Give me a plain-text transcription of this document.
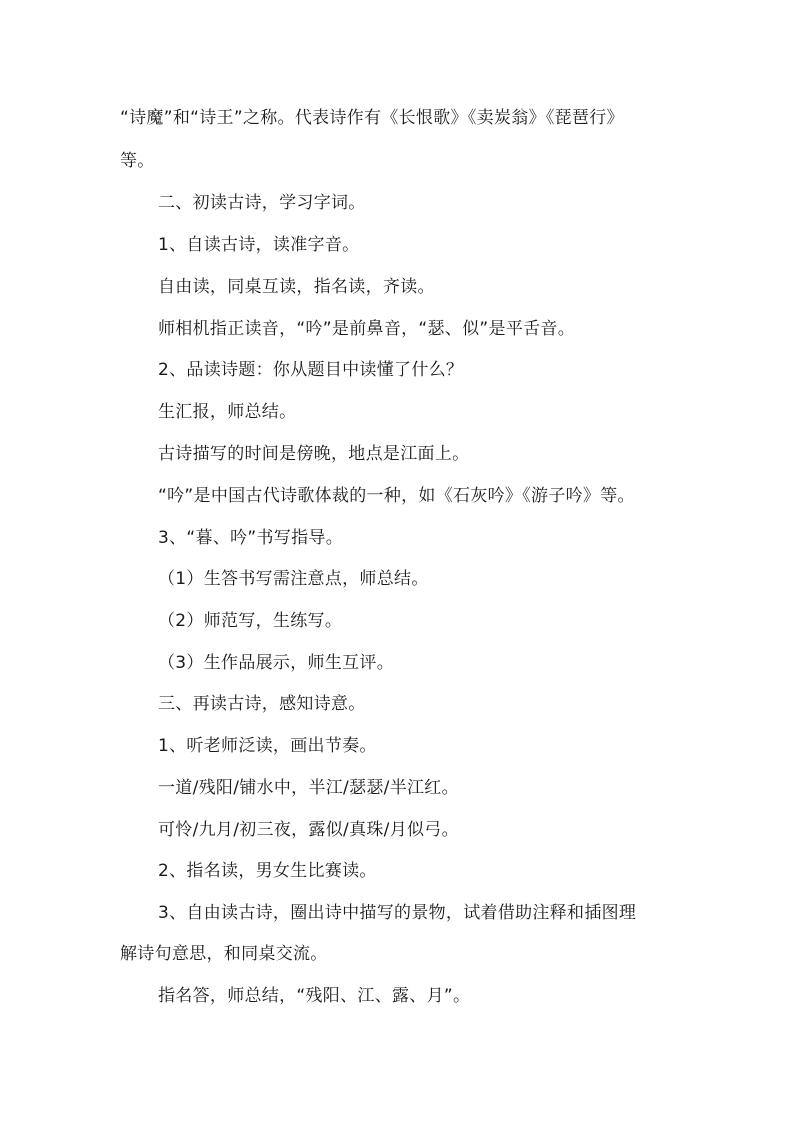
“诗魔”和“诗王”之称。代表诗作有《长恨歌》《卖炭翁》《琵琶行》
等。
二、初读古诗，学习字词。
1、自读古诗，读准字音。
自由读，同桌互读，指名读，齐读。
师相机指正读音，“吟”是前鼻音，“瑟、似”是平舌音。
2、品读诗题：你从题目中读懂了什么？
生汇报，师总结。
古诗描写的时间是傍晚，地点是江面上。
“吟”是中国古代诗歌体裁的一种，如《石灰吟》《游子吟》等。
3、“暮、吟”书写指导。
（1）生答书写需注意点，师总结。
（2）师范写，生练写。
（3）生作品展示，师生互评。
三、再读古诗，感知诗意。
1、听老师泛读，画出节奏。
一道/残阳/铺水中，半江/瑟瑟/半江红。
可怜/九月/初三夜，露似/真珠/月似弓。
2、指名读，男女生比赛读。
3、自由读古诗，圈出诗中描写的景物，试着借助注释和插图理
解诗句意思，和同桌交流。
指名答，师总结，“残阳、江、露、月”。
